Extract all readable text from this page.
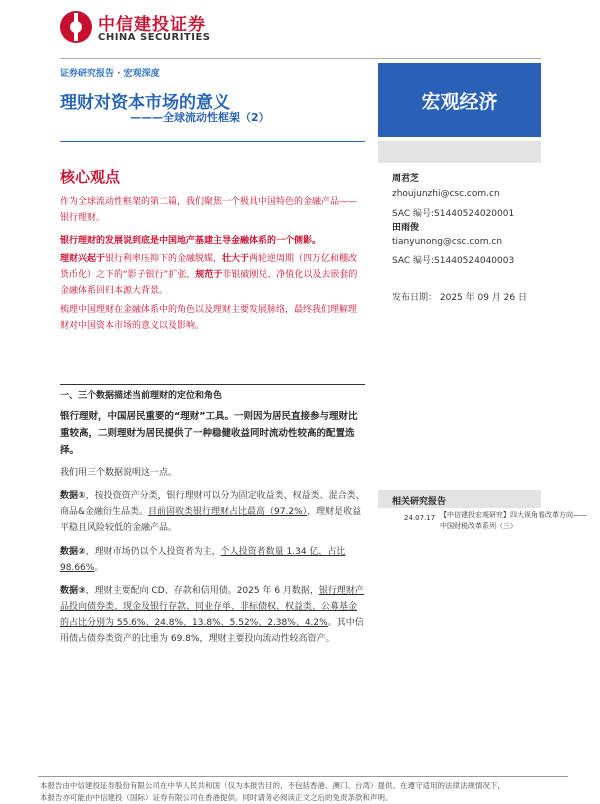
中信建投证券
CHINA SECURITIES
证券研究报告 · 宏观深度
理财对资本市场的意义
———全球流动性框架（2）
宏观经济
核心观点
作为全球流动性框架的第二篇，我们聚焦一个极具中国特色的金融产品——银行理财。
银行理财的发展说到底是中国地产基建主导金融体系的一个侧影。
理财兴起于银行利率压抑下的金融脱媒，壮大于两轮逆周期（四万亿和棚改货币化）之下的“影子银行”扩张，规范于非银破刚兑、净值化以及去嵌套的金融体系回归本源大背景。
梳理中国理财在金融体系中的角色以及理财主要发展脉络，最终我们理解理财对中国资本市场的意义以及影响。
一、三个数据描述当前理财的定位和角色
银行理财，中国居民重要的“理财”工具。一则因为居民直接参与理财比重较高，二则理财为居民提供了一种稳健收益同时流动性较高的配置选择。
我们用三个数据说明这一点。
数据①，按投资资产分类，银行理财可以分为固定收益类、权益类、混合类、商品&金融衍生品类。目前固收类银行理财占比最高（97.2%），理财是收益平稳且风险较低的金融产品。
数据②，理财市场仍以个人投资者为主，个人投资者数量 1.34 亿，占比 98.66%。
数据③，理财主要配向 CD、存款和信用债。2025 年 6 月数据，银行理财产品投向债券类、现金及银行存款、同业存单、非标债权、权益类、公募基金的占比分别为 55.6%、24.8%、13.8%、5.52%、2.38%、4.2%。其中信用债占债券类资产的比重为 69.8%，理财主要投向流动性较高资产。
周君芝
zhoujunzhi@csc.com.cn
SAC 编号:S1440524020001
田雨俊
tianyunong@csc.com.cn
SAC 编号:S1440524040003
发布日期： 2025 年 09 月 26 日
相关研究报告
24.07.17 【中信建投宏观研究】四大视角看改革方向——中国财税改革系列（三）
本报告由中信建投证券股份有限公司在中华人民共和国（仅为本报告目的，不包括香港、澳门、台湾）提供。在遵守适用的法律法规情况下，
本报告亦可能由中信建投（国际）证券有限公司在香港提供。同时请务必阅读正文之后的免责条款和声明。
